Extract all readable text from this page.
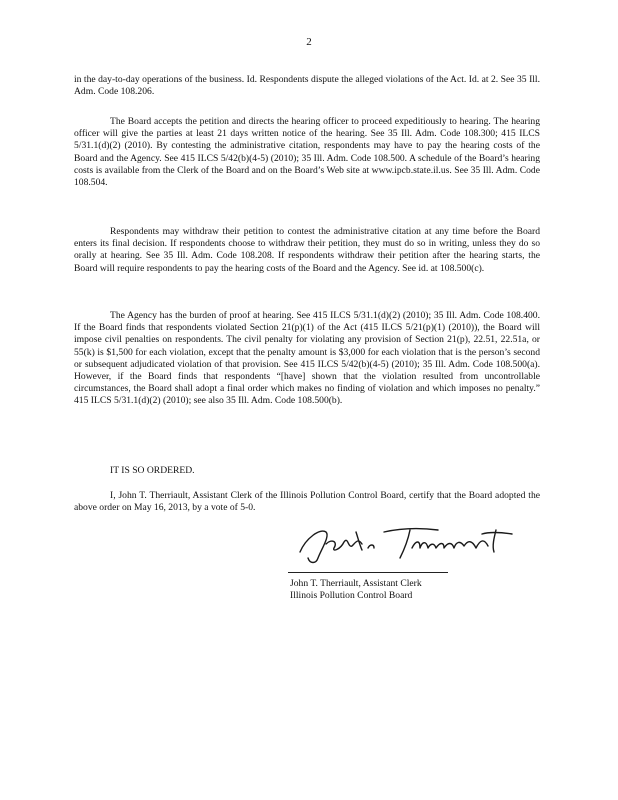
2

in the day-to-day operations of the business. Id. Respondents dispute the alleged violations of the Act. Id. at 2. See 35 Ill. Adm. Code 108.206.

The Board accepts the petition and directs the hearing officer to proceed expeditiously to hearing. The hearing officer will give the parties at least 21 days written notice of the hearing. See 35 Ill. Adm. Code 108.300; 415 ILCS 5/31.1(d)(2) (2010). By contesting the administrative citation, respondents may have to pay the hearing costs of the Board and the Agency. See 415 ILCS 5/42(b)(4-5) (2010); 35 Ill. Adm. Code 108.500. A schedule of the Board’s hearing costs is available from the Clerk of the Board and on the Board’s Web site at www.ipcb.state.il.us. See 35 Ill. Adm. Code 108.504.

Respondents may withdraw their petition to contest the administrative citation at any time before the Board enters its final decision. If respondents choose to withdraw their petition, they must do so in writing, unless they do so orally at hearing. See 35 Ill. Adm. Code 108.208. If respondents withdraw their petition after the hearing starts, the Board will require respondents to pay the hearing costs of the Board and the Agency. See id. at 108.500(c).

The Agency has the burden of proof at hearing. See 415 ILCS 5/31.1(d)(2) (2010); 35 Ill. Adm. Code 108.400. If the Board finds that respondents violated Section 21(p)(1) of the Act (415 ILCS 5/21(p)(1) (2010)), the Board will impose civil penalties on respondents. The civil penalty for violating any provision of Section 21(p), 22.51, 22.51a, or 55(k) is $1,500 for each violation, except that the penalty amount is $3,000 for each violation that is the person’s second or subsequent adjudicated violation of that provision. See 415 ILCS 5/42(b)(4-5) (2010); 35 Ill. Adm. Code 108.500(a). However, if the Board finds that respondents “[have] shown that the violation resulted from uncontrollable circumstances, the Board shall adopt a final order which makes no finding of violation and which imposes no penalty.” 415 ILCS 5/31.1(d)(2) (2010); see also 35 Ill. Adm. Code 108.500(b).

IT IS SO ORDERED.

I, John T. Therriault, Assistant Clerk of the Illinois Pollution Control Board, certify that the Board adopted the above order on May 16, 2013, by a vote of 5-0.

John T. Therriault, Assistant Clerk
Illinois Pollution Control Board
